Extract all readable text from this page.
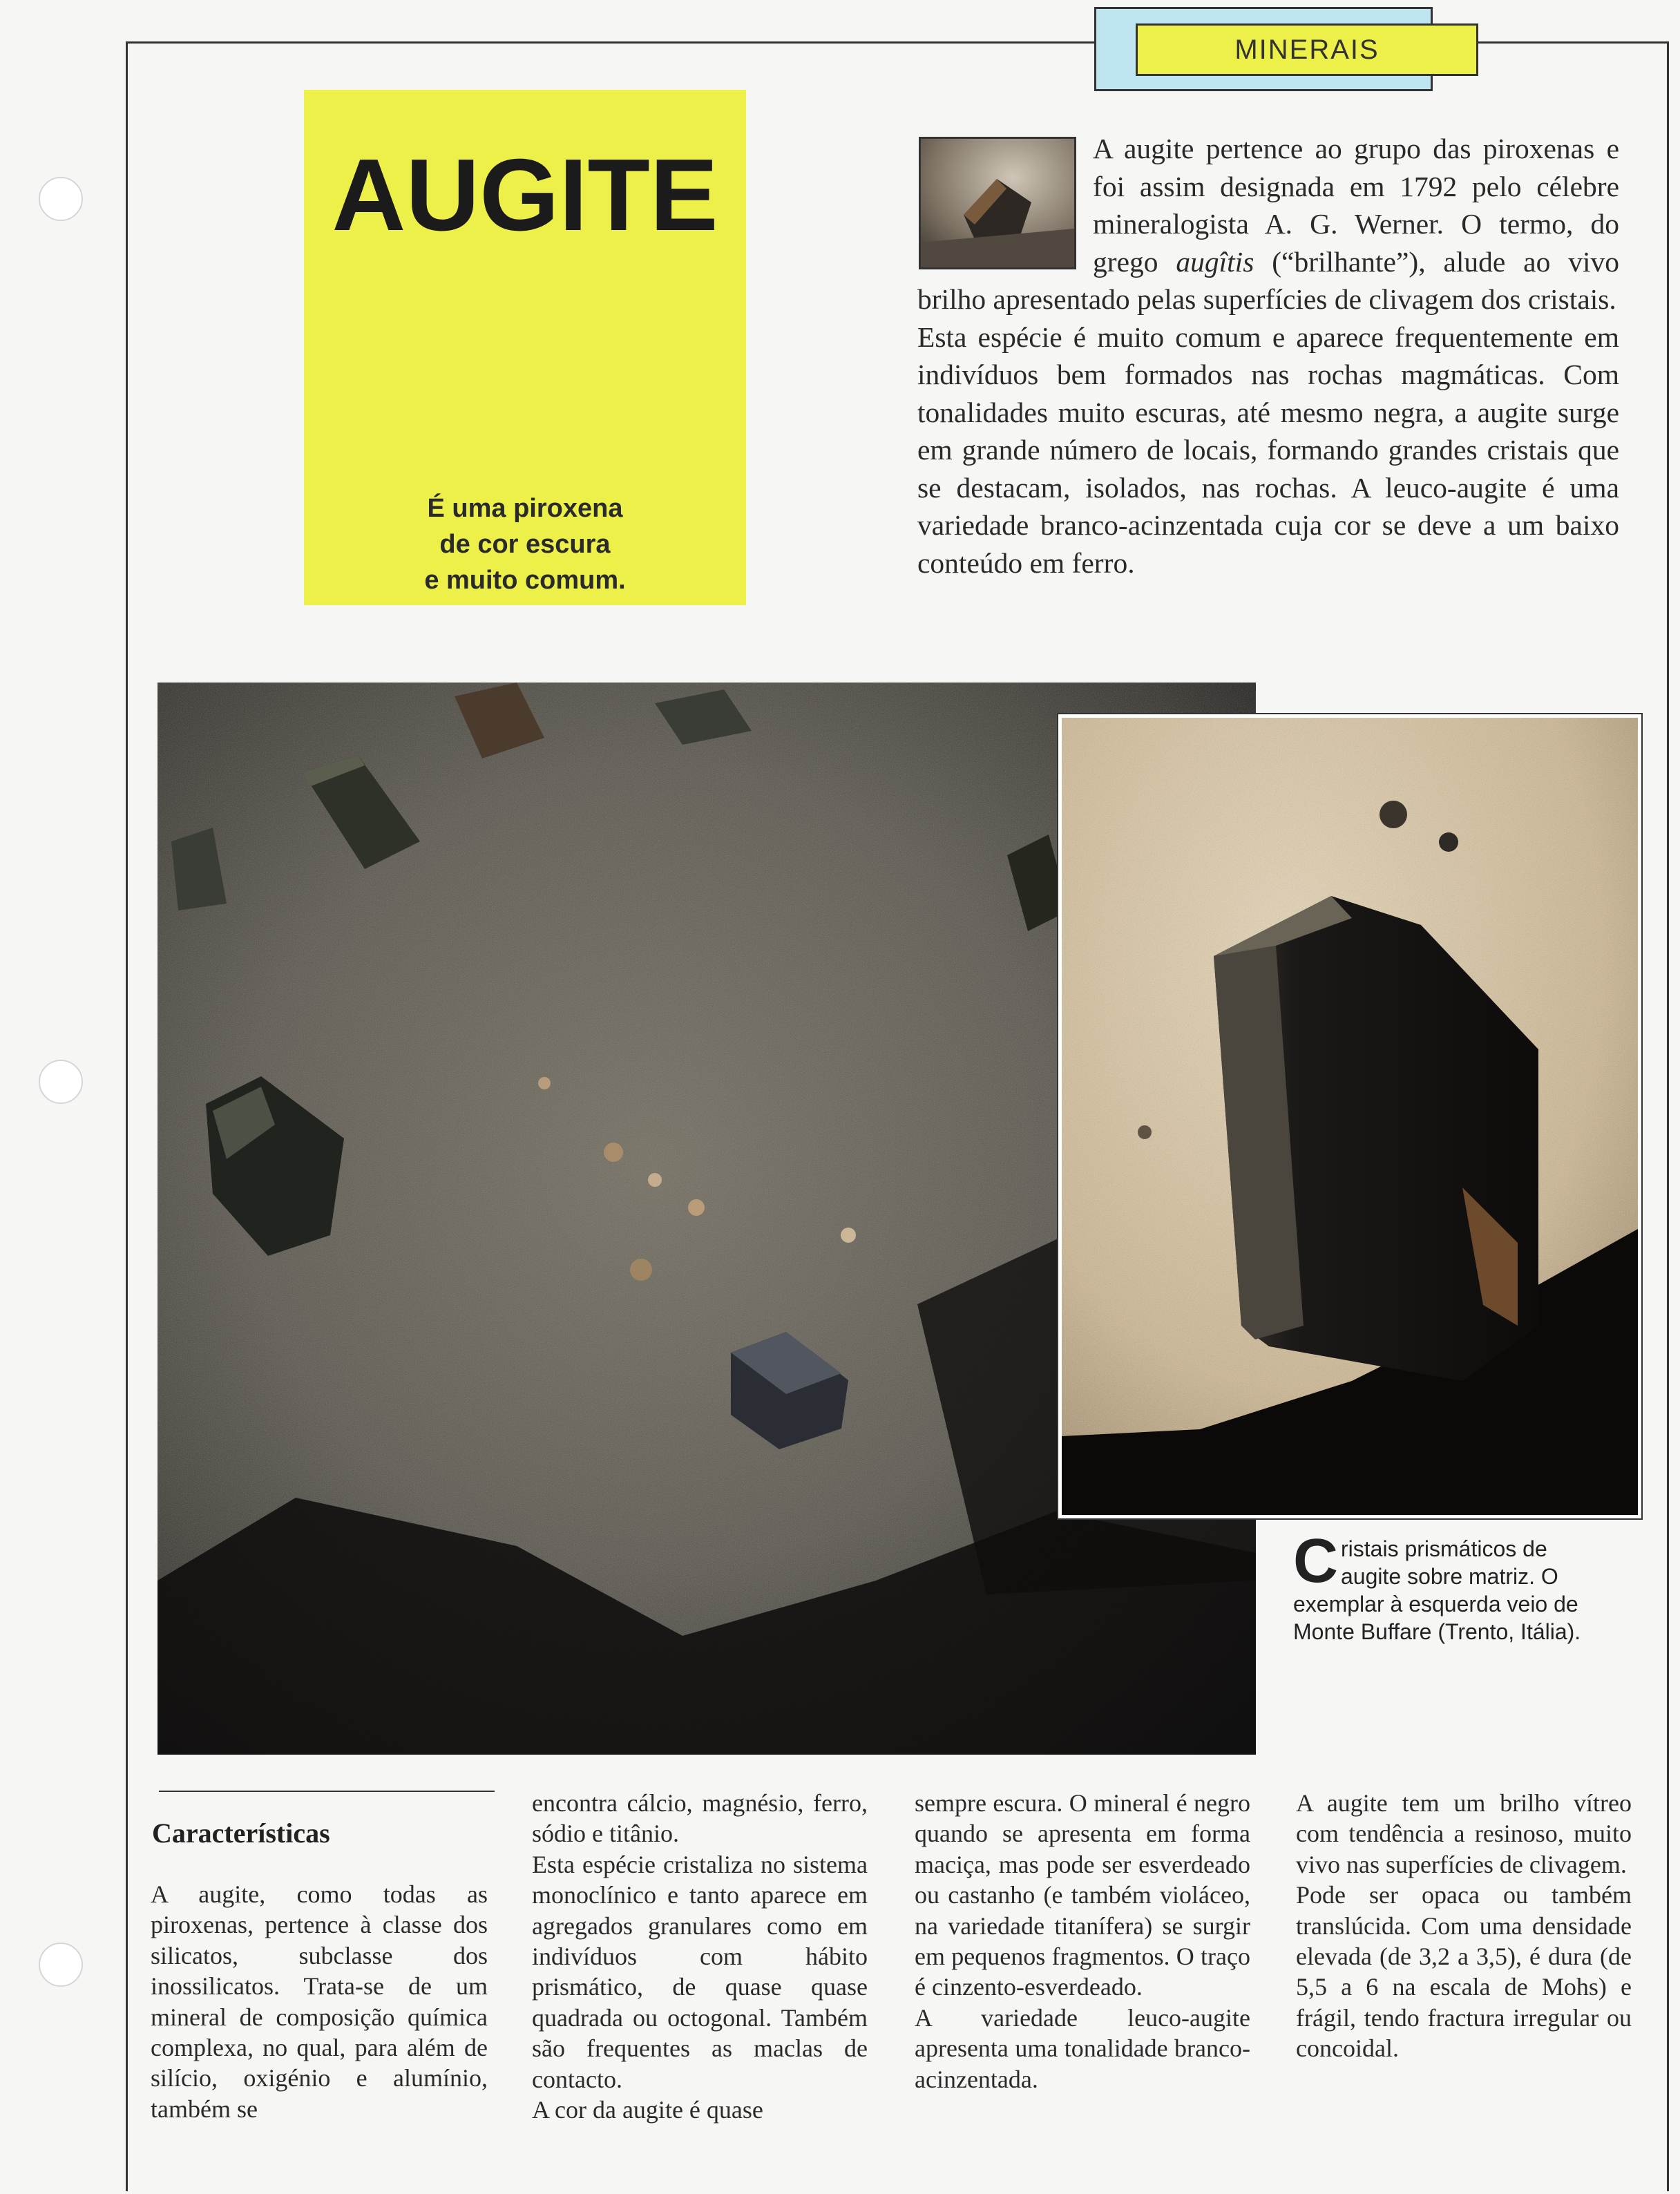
MINERAIS
AUGITE
É uma piroxena
de cor escura
e muito comum.

A augite pertence ao grupo das piroxenas e foi assim designada em 1792 pelo célebre mineralogista A. G. Werner. O termo, do grego augîtis (“brilhante”), alude ao vivo brilho apresentado pelas superfícies de clivagem dos cristais.

Esta espécie é muito comum e aparece frequentemente em indivíduos bem formados nas rochas magmáticas. Com tonalidades muito escuras, até mesmo negra, a augite surge em grande número de locais, formando grandes cristais que se destacam, isolados, nas rochas. A leuco-augite é uma variedade branco-acinzentada cuja cor se deve a um baixo conteúdo em ferro.

Cristais prismáticos de augite sobre matriz. O exemplar à esquerda veio de Monte Buffare (Trento, Itália).
Características

A augite, como todas as piroxenas, pertence à classe dos silicatos, subclasse dos inossilicatos. Trata-se de um mineral de composição química complexa, no qual, para além de silício, oxigénio e alumínio, também se

encontra cálcio, magnésio, ferro, sódio e titânio.

Esta espécie cristaliza no sistema monoclínico e tanto aparece em agregados granulares como em indivíduos com hábito prismático, de quase quase quadrada ou octogonal. Também são frequentes as maclas de contacto.

A cor da augite é quase

sempre escura. O mineral é negro quando se apresenta em forma maciça, mas pode ser esverdeado ou castanho (e também violáceo, na variedade titanífera) se surgir em pequenos fragmentos. O traço é cinzento-esverdeado.

A variedade leuco-augite apresenta uma tonalidade branco-acinzentada.

A augite tem um brilho vítreo com tendência a resinoso, muito vivo nas superfícies de clivagem.

Pode ser opaca ou também translúcida. Com uma densidade elevada (de 3,2 a 3,5), é dura (de 5,5 a 6 na escala de Mohs) e frágil, tendo fractura irregular ou concoidal.
